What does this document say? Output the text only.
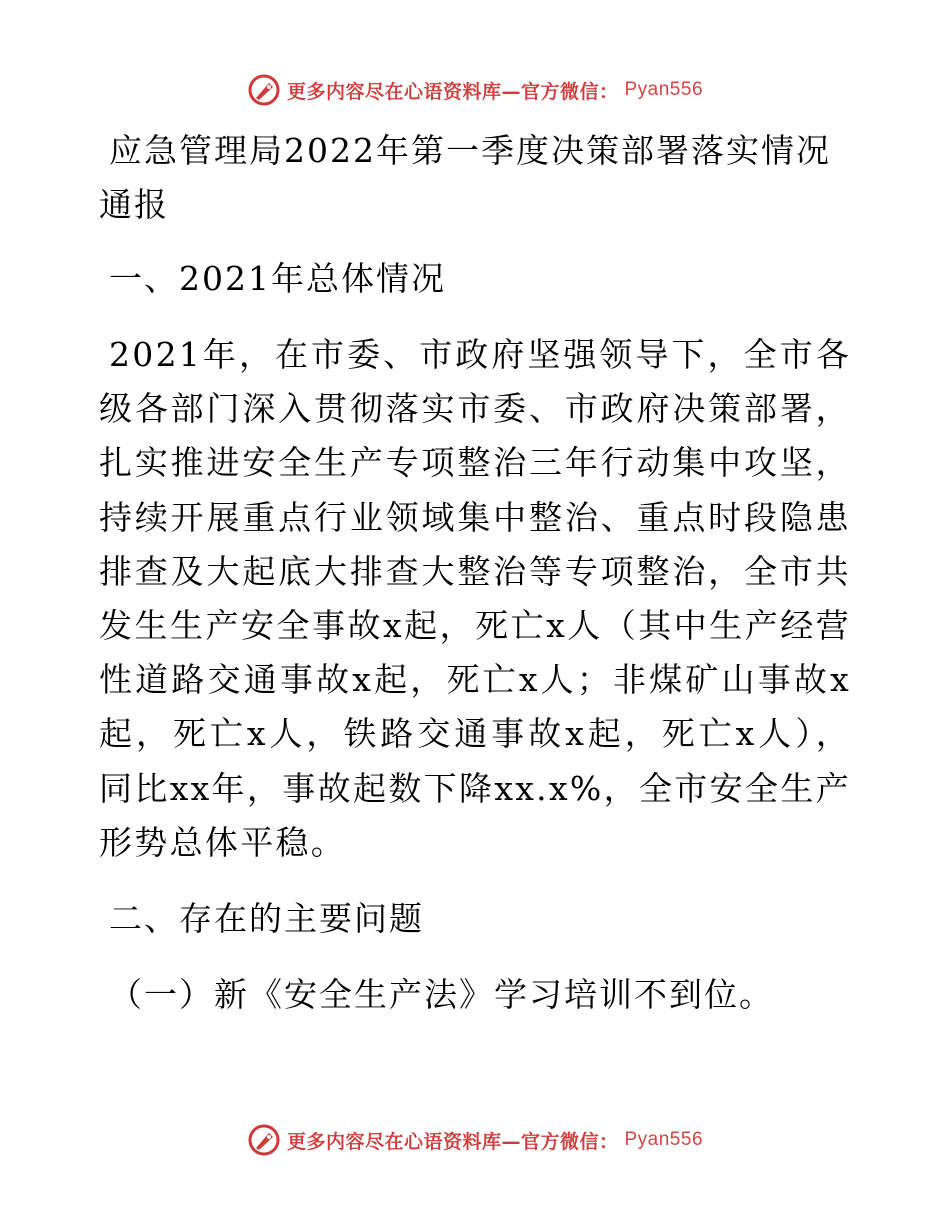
更多内容尽在心语资料库—官方微信： Pyan556
应急管理局2022年第一季度决策部署落实情况通报

一、2021年总体情况

2021年，在市委、市政府坚强领导下，全市各级各部门深入贯彻落实市委、市政府决策部署，扎实推进安全生产专项整治三年行动集中攻坚，持续开展重点行业领域集中整治、重点时段隐患排查及大起底大排查大整治等专项整治，全市共发生生产安全事故x起，死亡x人（其中生产经营性道路交通事故x起，死亡x人；非煤矿山事故x起，死亡x人，铁路交通事故x起，死亡x人），同比xx年，事故起数下降xx.x%，全市安全生产形势总体平稳。

二、存在的主要问题

（一）新《安全生产法》学习培训不到位。

更多内容尽在心语资料库—官方微信： Pyan556
